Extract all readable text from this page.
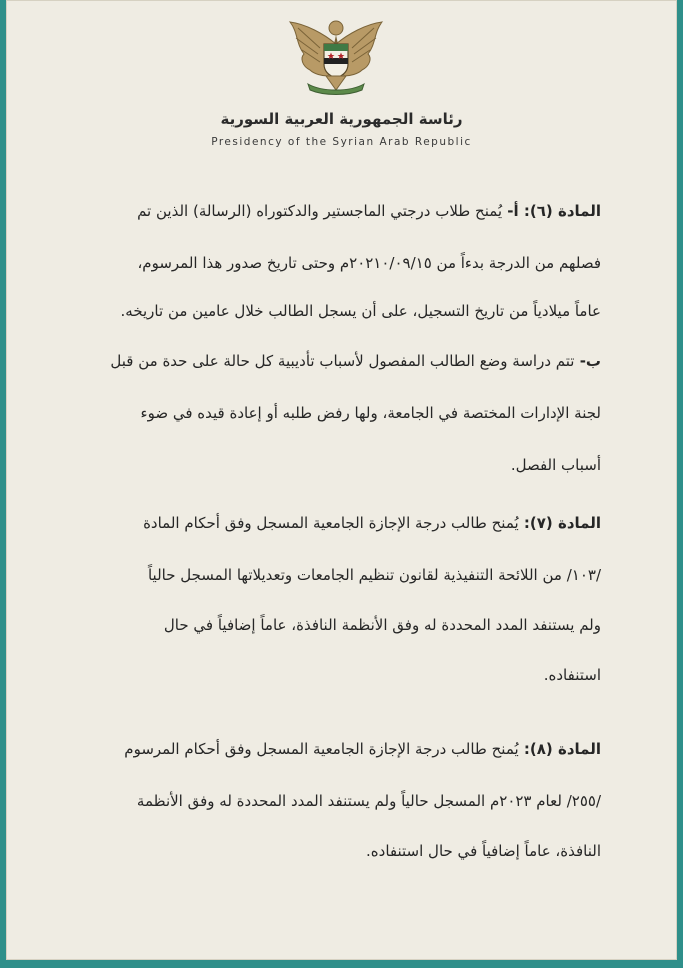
رئاسة الجمهورية العربية السورية
Presidency of the Syrian Arab Republic
المادة (٦): أ- يُمنح طلاب درجتي الماجستير والدكتوراه (الرسالة) الذين تم
فصلهم من الدرجة بدءاً من ٢٠٢١٠/٠٩/١٥م وحتى تاريخ صدور هذا المرسوم،
عاماً ميلادياً من تاريخ التسجيل، على أن يسجل الطالب خلال عامين من تاريخه.
ب- تتم دراسة وضع الطالب المفصول لأسباب تأديبية كل حالة على حدة من قبل
لجنة الإدارات المختصة في الجامعة، ولها رفض طلبه أو إعادة قيده في ضوء
أسباب الفصل.
المادة (٧): يُمنح طالب درجة الإجازة الجامعية المسجل وفق أحكام المادة
/١٠٣/ من اللائحة التنفيذية لقانون تنظيم الجامعات وتعديلاتها المسجل حالياً
ولم يستنفد المدد المحددة له وفق الأنظمة النافذة، عاماً إضافياً في حال
استنفاده.
المادة (٨): يُمنح طالب درجة الإجازة الجامعية المسجل وفق أحكام المرسوم
/٢٥٥/ لعام ٢٠٢٣م المسجل حالياً ولم يستنفد المدد المحددة له وفق الأنظمة
النافذة، عاماً إضافياً في حال استنفاده.
